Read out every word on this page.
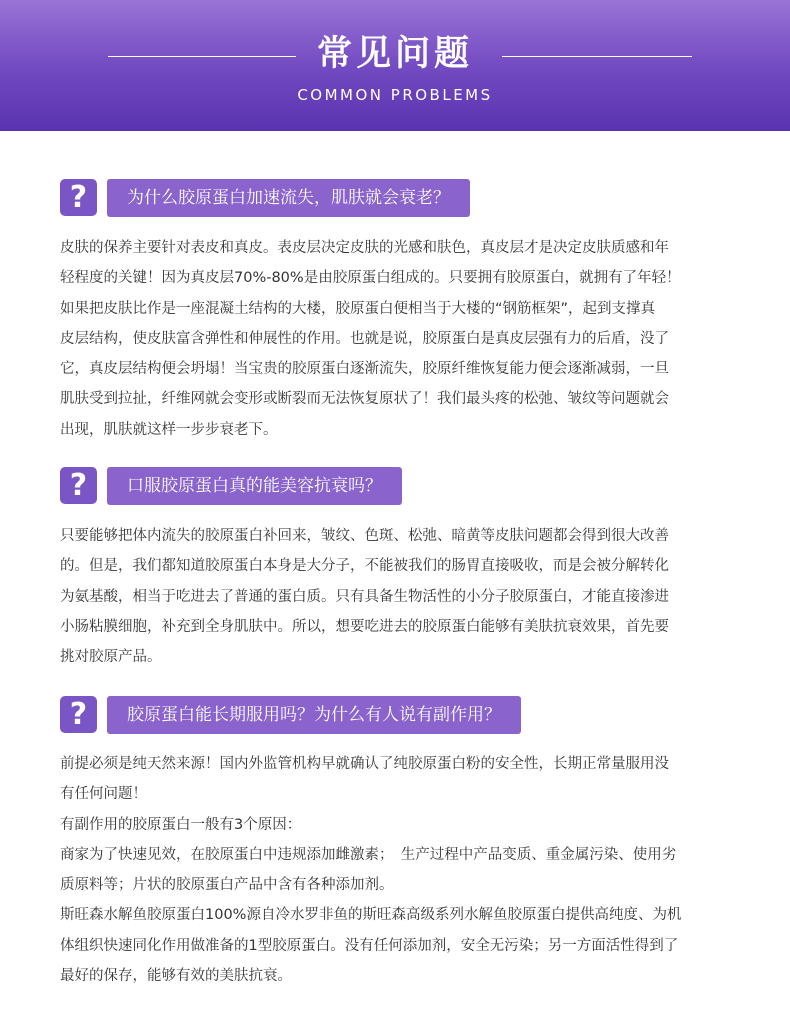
常见问题
COMMON PROBLEMS
?	为什么胶原蛋白加速流失，肌肤就会衰老？

皮肤的保养主要针对表皮和真皮。表皮层决定皮肤的光感和肤色，真皮层才是决定皮肤质感和年

轻程度的关键！因为真皮层70%-80%是由胶原蛋白组成的。只要拥有胶原蛋白，就拥有了年轻！

如果把皮肤比作是一座混凝土结构的大楼，胶原蛋白便相当于大楼的“钢筋框架”，起到支撑真

皮层结构，使皮肤富含弹性和伸展性的作用。也就是说，胶原蛋白是真皮层强有力的后盾，没了

它，真皮层结构便会坍塌！当宝贵的胶原蛋白逐渐流失，胶原纤维恢复能力便会逐渐减弱，一旦

肌肤受到拉扯，纤维网就会变形或断裂而无法恢复原状了！我们最头疼的松弛、皱纹等问题就会

出现，肌肤就这样一步步衰老下。

?	口服胶原蛋白真的能美容抗衰吗？

只要能够把体内流失的胶原蛋白补回来，皱纹、色斑、松弛、暗黄等皮肤问题都会得到很大改善

的。但是，我们都知道胶原蛋白本身是大分子，不能被我们的肠胃直接吸收，而是会被分解转化

为氨基酸，相当于吃进去了普通的蛋白质。只有具备生物活性的小分子胶原蛋白，才能直接渗进

小肠粘膜细胞，补充到全身肌肤中。所以，想要吃进去的胶原蛋白能够有美肤抗衰效果，首先要

挑对胶原产品。

?	胶原蛋白能长期服用吗？为什么有人说有副作用？

前提必须是纯天然来源！国内外监管机构早就确认了纯胶原蛋白粉的安全性，长期正常量服用没

有任何问题！

有副作用的胶原蛋白一般有3个原因：

商家为了快速见效，在胶原蛋白中违规添加雌激素；　生产过程中产品变质、重金属污染、使用劣

质原料等；片状的胶原蛋白产品中含有各种添加剂。

斯旺森水解鱼胶原蛋白100%源自冷水罗非鱼的斯旺森高级系列水解鱼胶原蛋白提供高纯度、为机

体组织快速同化作用做准备的1型胶原蛋白。没有任何添加剂，安全无污染；另一方面活性得到了

最好的保存，能够有效的美肤抗衰。
